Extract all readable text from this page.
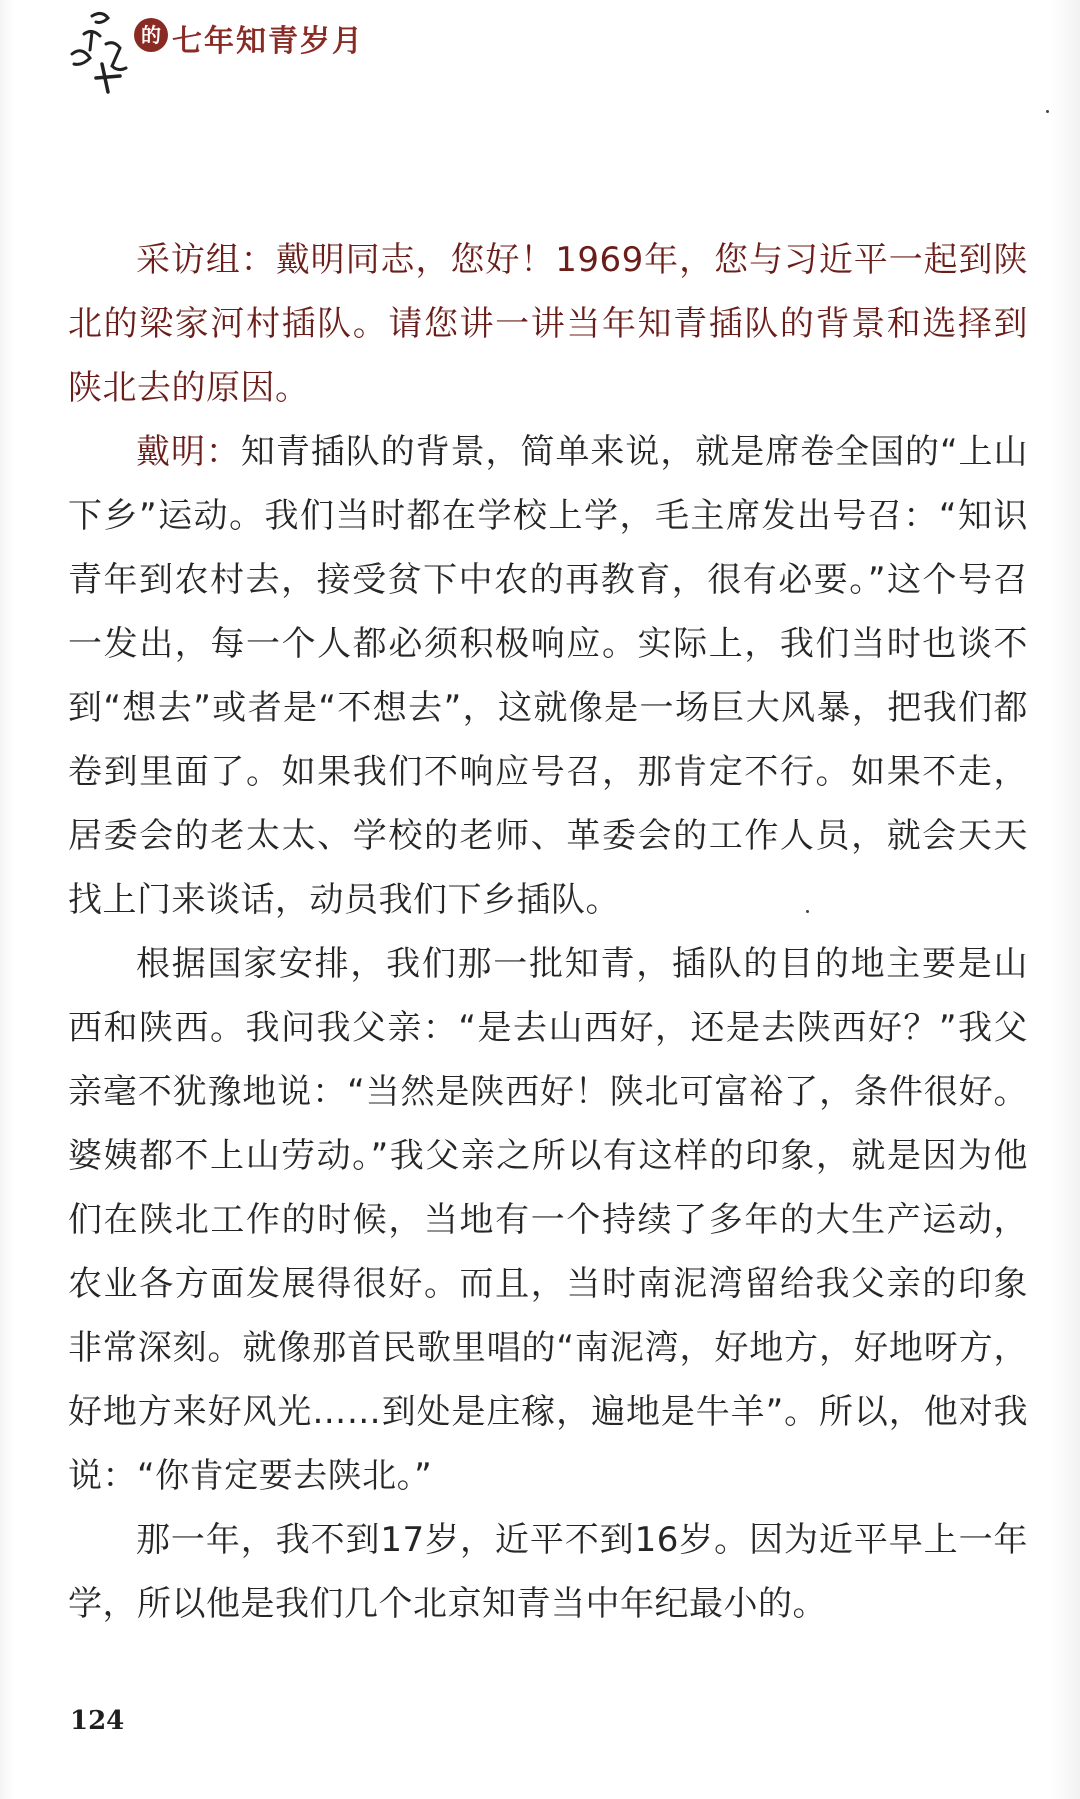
的 七年知青岁月

采访组：戴明同志，您好！1969年，您与习近平一起到陕北的梁家河村插队。请您讲一讲当年知青插队的背景和选择到陕北去的原因。

戴明：知青插队的背景，简单来说，就是席卷全国的“上山下乡”运动。我们当时都在学校上学，毛主席发出号召：“知识青年到农村去，接受贫下中农的再教育，很有必要。”这个号召一发出，每一个人都必须积极响应。实际上，我们当时也谈不到“想去”或者是“不想去”，这就像是一场巨大风暴，把我们都卷到里面了。如果我们不响应号召，那肯定不行。如果不走，居委会的老太太、学校的老师、革委会的工作人员，就会天天找上门来谈话，动员我们下乡插队。

根据国家安排，我们那一批知青，插队的目的地主要是山西和陕西。我问我父亲：“是去山西好，还是去陕西好？”我父亲毫不犹豫地说：“当然是陕西好！陕北可富裕了，条件很好。婆姨都不上山劳动。”我父亲之所以有这样的印象，就是因为他们在陕北工作的时候，当地有一个持续了多年的大生产运动，农业各方面发展得很好。而且，当时南泥湾留给我父亲的印象非常深刻。就像那首民歌里唱的“南泥湾，好地方，好地呀方，好地方来好风光……到处是庄稼，遍地是牛羊”。所以，他对我说：“你肯定要去陕北。”

那一年，我不到17岁，近平不到16岁。因为近平早上一年学，所以他是我们几个北京知青当中年纪最小的。

124
